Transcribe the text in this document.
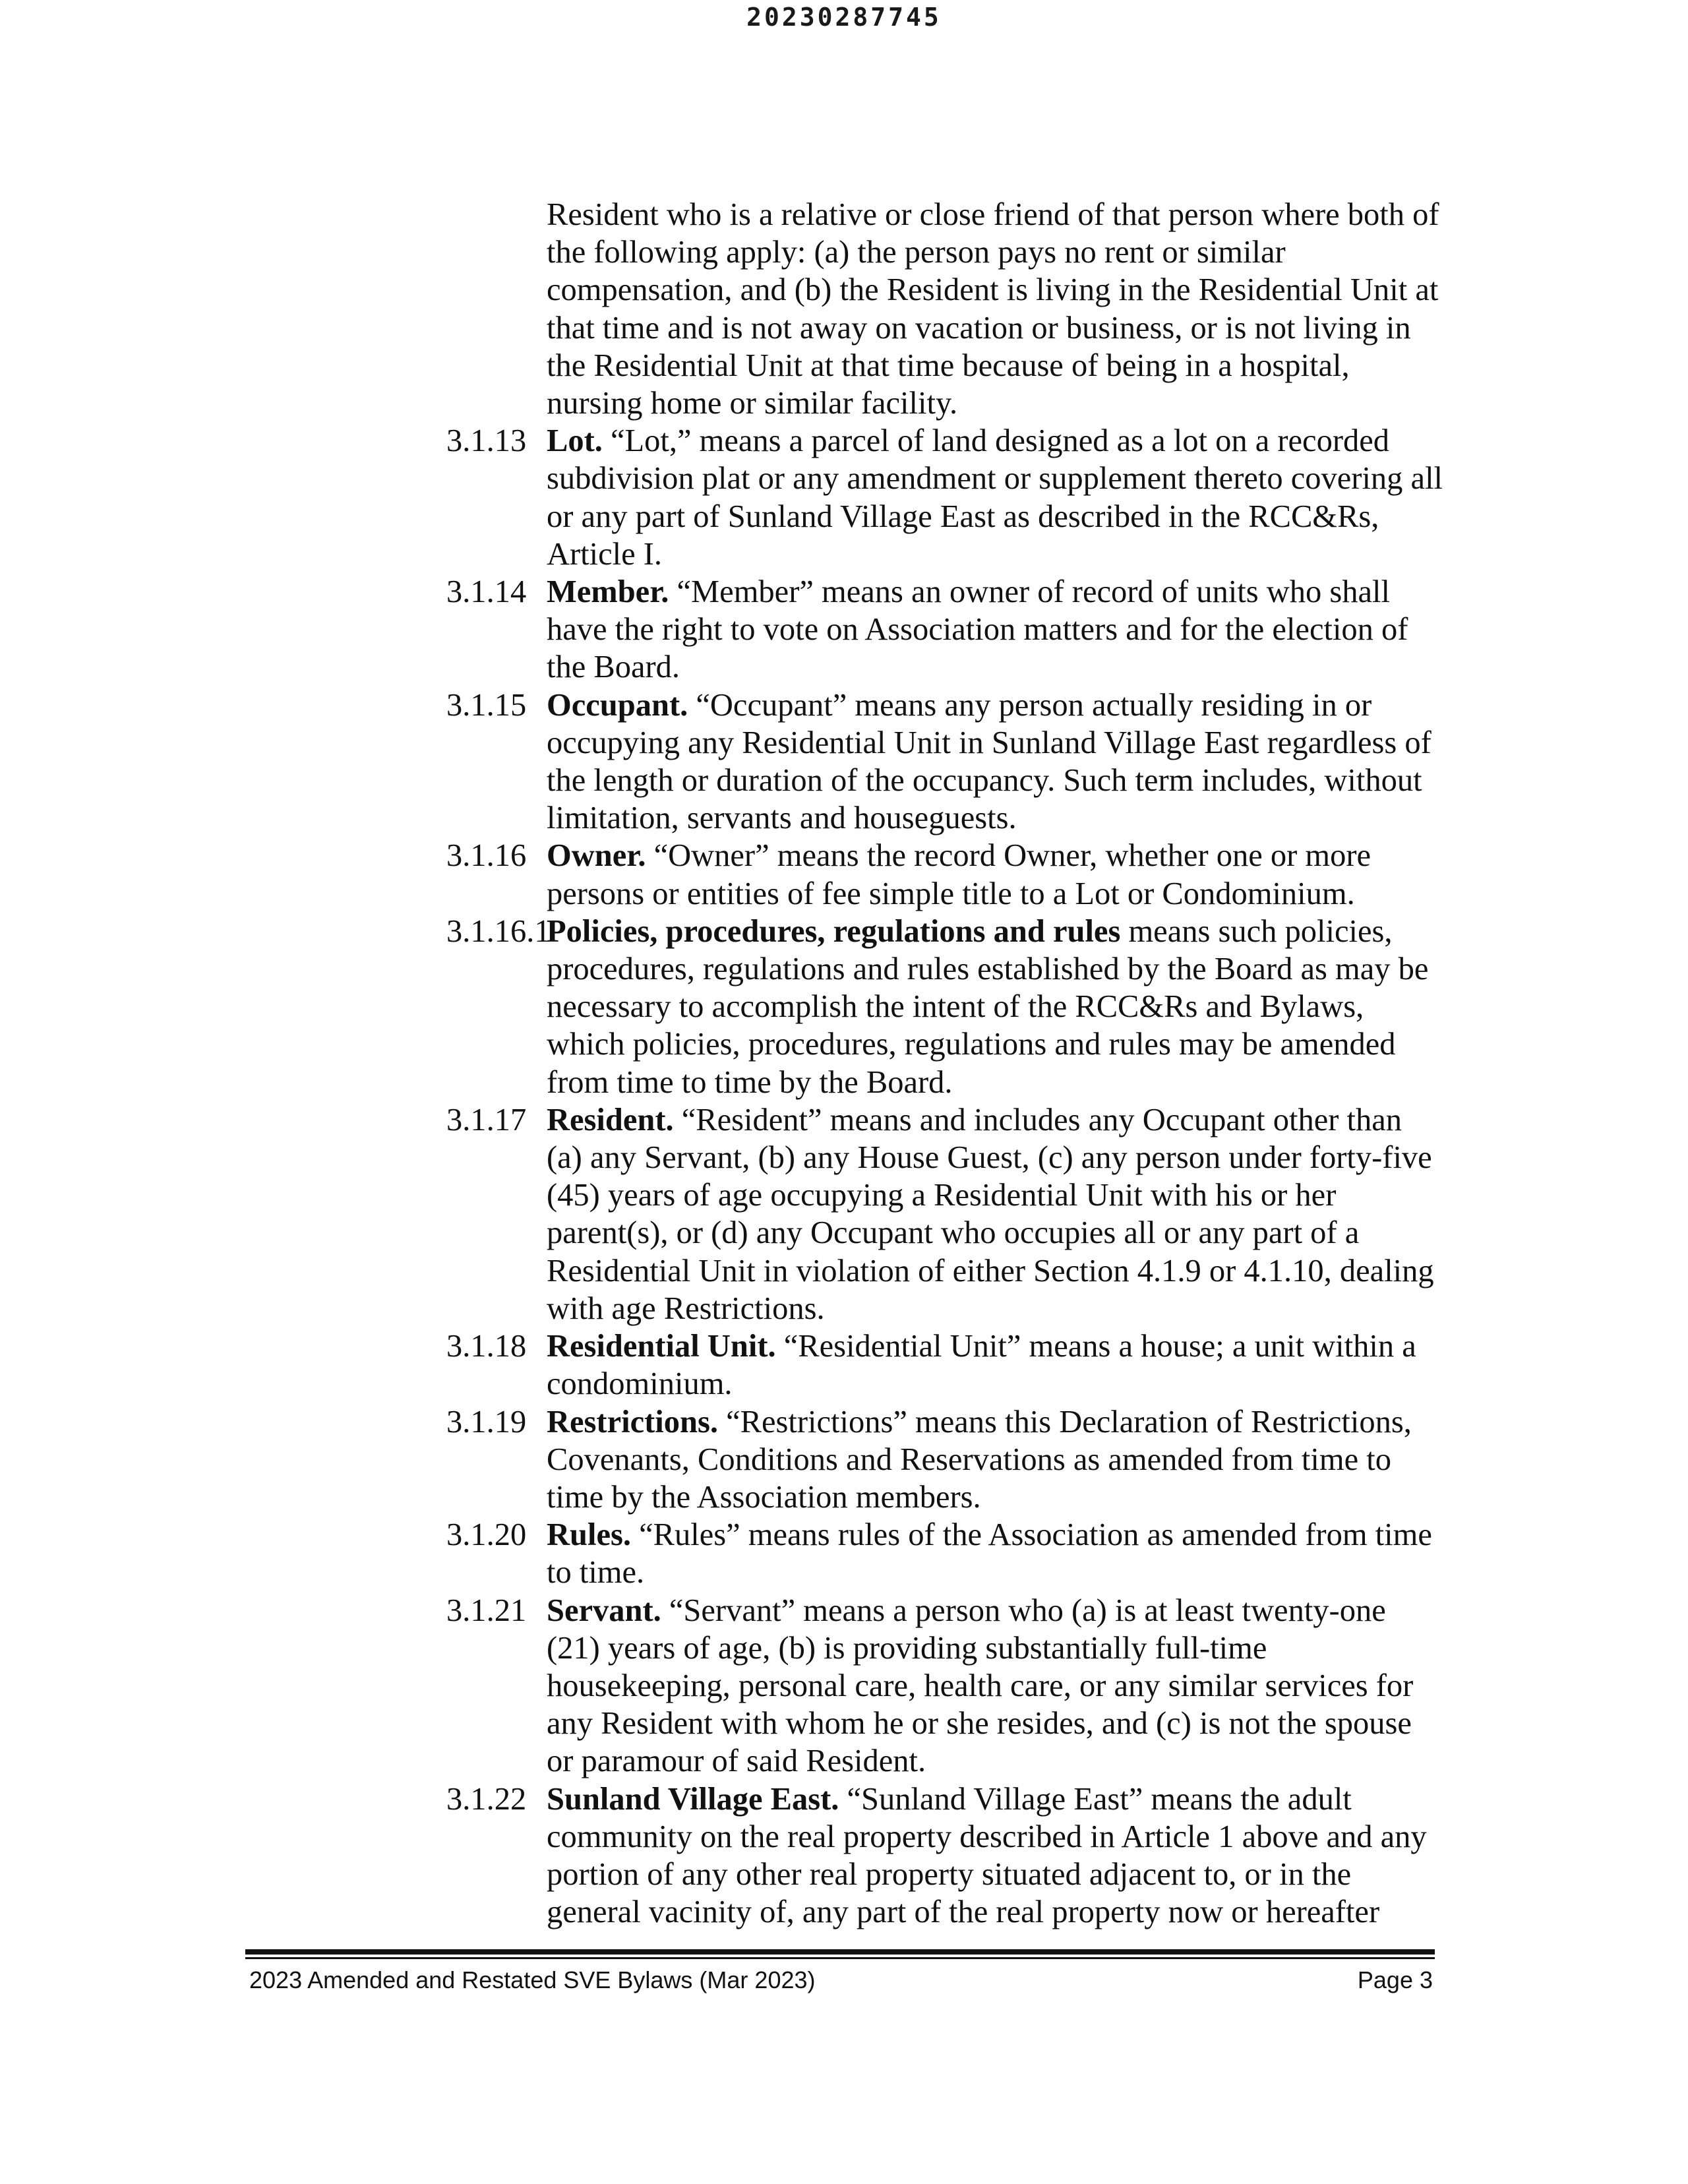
20230287745

Resident who is a relative or close friend of that person where both of the following apply: (a) the person pays no rent or similar compensation, and (b) the Resident is living in the Residential Unit at that time and is not away on vacation or business, or is not living in the Residential Unit at that time because of being in a hospital, nursing home or similar facility.

3.1.13 Lot. “Lot,” means a parcel of land designed as a lot on a recorded subdivision plat or any amendment or supplement thereto covering all or any part of Sunland Village East as described in the RCC&Rs, Article I.

3.1.14 Member. “Member” means an owner of record of units who shall have the right to vote on Association matters and for the election of the Board.

3.1.15 Occupant. “Occupant” means any person actually residing in or occupying any Residential Unit in Sunland Village East regardless of the length or duration of the occupancy. Such term includes, without limitation, servants and houseguests.

3.1.16 Owner. “Owner” means the record Owner, whether one or more persons or entities of fee simple title to a Lot or Condominium.

3.1.16.1
Policies, procedures, regulations and rules means such policies, procedures, regulations and rules established by the Board as may be necessary to accomplish the intent of the RCC&Rs and Bylaws, which policies, procedures, regulations and rules may be amended from time to time by the Board.

3.1.17 Resident. “Resident” means and includes any Occupant other than (a) any Servant, (b) any House Guest, (c) any person under forty-five (45) years of age occupying a Residential Unit with his or her parent(s), or (d) any Occupant who occupies all or any part of a Residential Unit in violation of either Section 4.1.9 or 4.1.10, dealing with age Restrictions.

3.1.18 Residential Unit. “Residential Unit” means a house; a unit within a condominium.

3.1.19 Restrictions. “Restrictions” means this Declaration of Restrictions, Covenants, Conditions and Reservations as amended from time to time by the Association members.

3.1.20 Rules. “Rules” means rules of the Association as amended from time to time.

3.1.21 Servant. “Servant” means a person who (a) is at least twenty-one (21) years of age, (b) is providing substantially full-time housekeeping, personal care, health care, or any similar services for any Resident with whom he or she resides, and (c) is not the spouse or paramour of said Resident.

3.1.22 Sunland Village East. “Sunland Village East” means the adult community on the real property described in Article 1 above and any portion of any other real property situated adjacent to, or in the general vacinity of, any part of the real property now or hereafter

2023 Amended and Restated SVE Bylaws (Mar 2023)	Page 3
